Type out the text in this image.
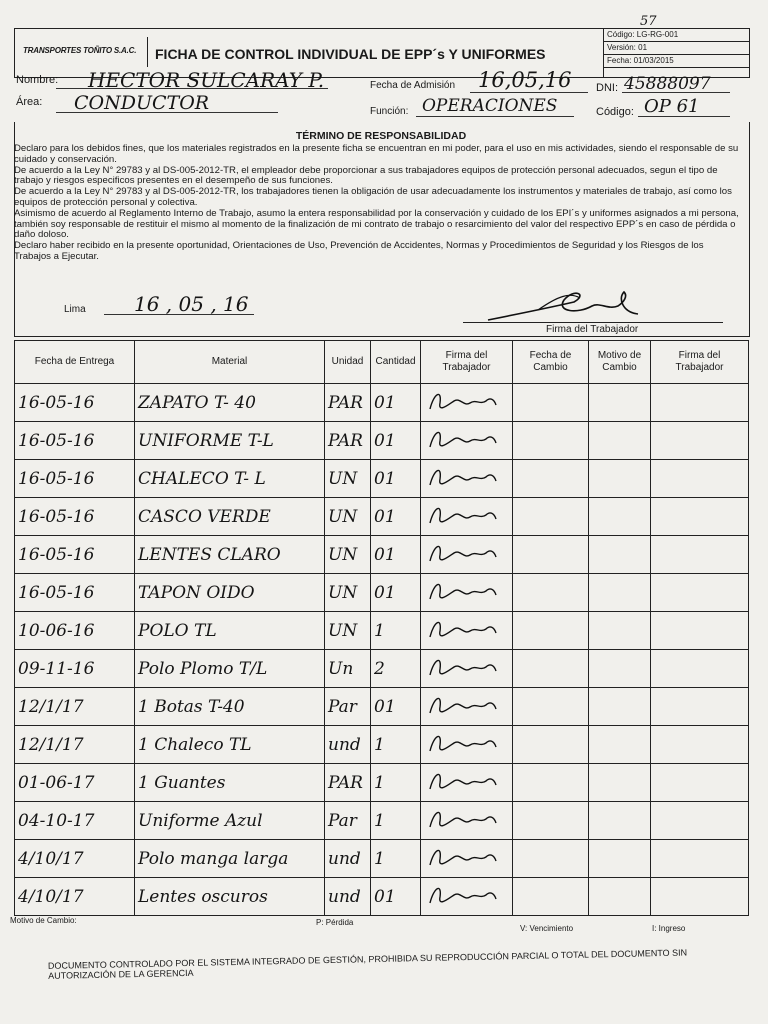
57
TRANSPORTES TOÑITO S.A.C. FICHA DE CONTROL INDIVIDUAL DE EPP´s Y UNIFORMES
Código: LG-RG-001
Versión: 01
Fecha: 01/03/2015
Nombre: HECTOR SULCARAY P.
Área: CONDUCTOR
Fecha de Admisión 16,05,16
Función: OPERACIONES
DNI: 45888097
Código: OP 61
TÉRMINO DE RESPONSABILIDAD

Declaro para los debidos fines, que los materiales registrados en la presente ficha se encuentran en mi poder, para el uso en mis actividades, siendo el responsable de su cuidado y conservación.

De acuerdo a la Ley N° 29783 y al DS-005-2012-TR, el empleador debe proporcionar a sus trabajadores equipos de protección personal adecuados, segun el tipo de trabajo y riesgos especificos presentes en el desempeño de sus funciones.

De acuerdo a la Ley N° 29783 y al DS-005-2012-TR, los trabajadores tienen la obligación de usar adecuadamente los instrumentos y materiales de trabajo, así como los equipos de protección personal y colectiva.

Asimismo de acuerdo al Reglamento Interno de Trabajo, asumo la entera responsabilidad por la conservación y cuidado de los EPI´s y uniformes asignados a mi persona, también soy responsable de restituir el mismo al momento de la finalización de mi contrato de trabajo o resarcimiento del valor del respectivo EPP´s en caso de pérdida o daño doloso.

Declaro haber recibido en la presente oportunidad, Orientaciones de Uso, Prevención de Accidentes, Normas y Procedimientos de Seguridad y los Riesgos de los Trabajos a Ejecutar.

Lima 16 , 05 , 16
Firma del Trabajador
Fecha de Entrega	Material	Unidad	Cantidad	Firma del Trabajador	Fecha de Cambio	Motivo de Cambio	Firma del Trabajador
16-05-16	ZAPATO T- 40	PAR	01				
16-05-16	UNIFORME T-L	PAR	01				
16-05-16	CHALECO T- L	UN	01				
16-05-16	CASCO VERDE	UN	01				
16-05-16	LENTES CLARO	UN	01				
16-05-16	TAPON OIDO	UN	01				
10-06-16	POLO TL	UN	1				
09-11-16	Polo Plomo T/L	Un	2				
12/1/17	1 Botas T-40	Par	01				
12/1/17	1 Chaleco TL	und	1				
01-06-17	1 Guantes	PAR	1				
04-10-17	Uniforme Azul	Par	1				
4/10/17	Polo manga larga	und	1				
4/10/17	Lentes oscuros	und	01				
Motivo de Cambio:	P: Pérdida
V: Vencimiento	I: Ingreso
DOCUMENTO CONTROLADO POR EL SISTEMA INTEGRADO DE GESTIÓN, PROHIBIDA SU REPRODUCCIÓN PARCIAL O TOTAL DEL DOCUMENTO SIN AUTORIZACIÓN DE LA GERENCIA
